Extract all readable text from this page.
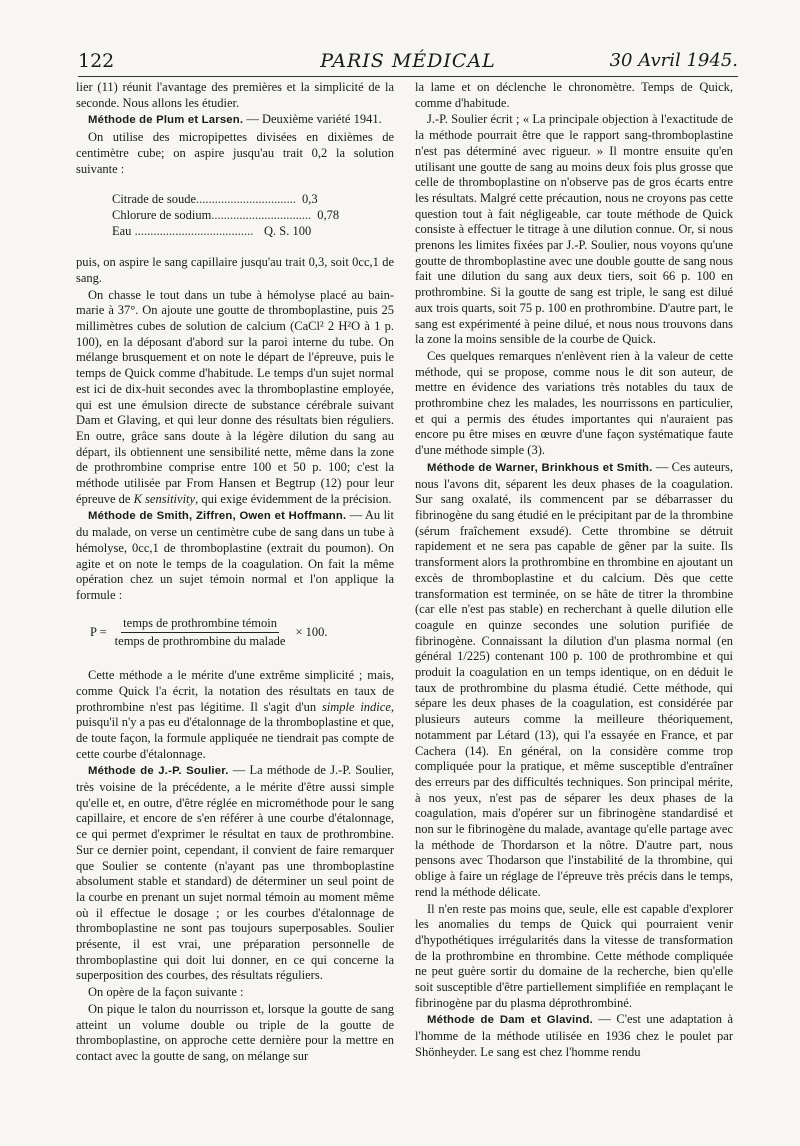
122	PARIS MÉDICAL	30 Avril 1945.

lier (11) réunit l'avantage des premières et la simplicité de la seconde. Nous allons les étudier.

Méthode de Plum et Larsen. — Deuxième variété 1941.

On utilise des micropipettes divisées en dixièmes de centimètre cube; on aspire jusqu'au trait 0,2 la solution suivante :

Citrade de soude................................ 0,3
Chlorure de sodium................................ 0,78
Eau ...................................... Q. S. 100

puis, on aspire le sang capillaire jusqu'au trait 0,3, soit 0cc,1 de sang.

On chasse le tout dans un tube à hémolyse placé au bain-marie à 37°. On ajoute une goutte de thromboplastine, puis 25 millimètres cubes de solution de calcium (CaCl² 2 H²O à 1 p. 100), en la déposant d'abord sur la paroi interne du tube. On mélange brusquement et on note le départ de l'épreuve, puis le temps de Quick comme d'habitude. Le temps d'un sujet normal est ici de dix-huit secondes avec la thromboplastine employée, qui est une émulsion directe de substance cérébrale suivant Dam et Glaving, et qui leur donne des résultats bien réguliers. En outre, grâce sans doute à la légère dilution du sang au départ, ils obtiennent une sensibilité nette, même dans la zone de prothrombine comprise entre 100 et 50 p. 100; c'est la méthode utilisée par From Hansen et Begtrup (12) pour leur épreuve de K sensitivity, qui exige évidemment de la précision.

Méthode de Smith, Ziffren, Owen et Hoffmann. — Au lit du malade, on verse un centimètre cube de sang dans un tube à hémolyse, 0cc,1 de thromboplastine (extrait du poumon). On agite et on note le temps de la coagulation. On fait la même opération chez un sujet témoin normal et l'on applique la formule :

$P = \frac{\text{temps de prothrombine témoin}}{\text{temps de prothrombine du malade}} \times 100$.

Cette méthode a le mérite d'une extrême simplicité ; mais, comme Quick l'a écrit, la notation des résultats en taux de prothrombine n'est pas légitime. Il s'agit d'un simple indice, puisqu'il n'y a pas eu d'étalonnage de la thromboplastine et que, de toute façon, la formule appliquée ne tiendrait pas compte de cette courbe d'étalonnage.

Méthode de J.-P. Soulier. — La méthode de J.-P. Soulier, très voisine de la précédente, a le mérite d'être aussi simple qu'elle et, en outre, d'être réglée en microméthode pour le sang capillaire, et encore de s'en référer à une courbe d'étalonnage, ce qui permet d'exprimer le résultat en taux de prothrombine. Sur ce dernier point, cependant, il convient de faire remarquer que Soulier se contente (n'ayant pas une thromboplastine absolument stable et standard) de déterminer un seul point de la courbe en prenant un sujet normal témoin au moment même où il effectue le dosage ; or les courbes d'étalonnage de thromboplastine ne sont pas toujours superposables. Soulier présente, il est vrai, une préparation personnelle de thromboplastine qui doit lui donner, en ce qui concerne la superposition des courbes, des résultats réguliers.

On opère de la façon suivante :

On pique le talon du nourrisson et, lorsque la goutte de sang atteint un volume double ou triple de la goutte de thromboplastine, on approche cette dernière pour la mettre en contact avec la goutte de sang, on mélange sur

la lame et on déclenche le chronomètre. Temps de Quick, comme d'habitude.

J.-P. Soulier écrit ; « La principale objection à l'exactitude de la méthode pourrait être que le rapport sang-thromboplastine n'est pas déterminé avec rigueur. » Il montre ensuite qu'en utilisant une goutte de sang au moins deux fois plus grosse que celle de thromboplastine on n'observe pas de gros écarts entre les résultats. Malgré cette précaution, nous ne croyons pas cette question tout à fait négligeable, car toute méthode de Quick consiste à effectuer le titrage à une dilution connue. Or, si nous prenons les limites fixées par J.-P. Soulier, nous voyons qu'une goutte de thromboplastine avec une double goutte de sang nous fait une dilution du sang aux deux tiers, soit 66 p. 100 en prothrombine. Si la goutte de sang est triple, le sang est dilué aux trois quarts, soit 75 p. 100 en prothrombine. D'autre part, le sang est expérimenté à peine dilué, et nous nous trouvons dans la zone la moins sensible de la courbe de Quick.

Ces quelques remarques n'enlèvent rien à la valeur de cette méthode, qui se propose, comme nous le dit son auteur, de mettre en évidence des variations très notables du taux de prothrombine chez les malades, les nourrissons en particulier, et qui a permis des études importantes qui n'auraient pas encore pu être mises en œuvre d'une façon systématique faute d'une méthode simple (3).

Méthode de Warner, Brinkhous et Smith. — Ces auteurs, nous l'avons dit, séparent les deux phases de la coagulation. Sur sang oxalaté, ils commencent par se débarrasser du fibrinogène du sang étudié en le précipitant par de la thrombine (sérum fraîchement exsudé). Cette thrombine se détruit rapidement et ne sera pas capable de gêner par la suite. Ils transforment alors la prothrombine en thrombine en ajoutant un excès de thromboplastine et du calcium. Dès que cette transformation est terminée, on se hâte de titrer la thrombine (car elle n'est pas stable) en recherchant à quelle dilution elle coagule en quinze secondes une solution purifiée de fibrinogène. Connaissant la dilution d'un plasma normal (en général 1/225) contenant 100 p. 100 de prothrombine et qui produit la coagulation en un temps identique, on en déduit le taux de prothrombine du plasma étudié. Cette méthode, qui sépare les deux phases de la coagulation, est considérée par plusieurs auteurs comme la meilleure théoriquement, notamment par Létard (13), qui l'a essayée en France, et par Cachera (14). En général, on la considère comme trop compliquée pour la pratique, et même susceptible d'entraîner des erreurs par des difficultés techniques. Son principal mérite, à nos yeux, n'est pas de séparer les deux phases de la coagulation, mais d'opérer sur un fibrinogène standardisé et non sur le fibrinogène du malade, avantage qu'elle partage avec la méthode de Thordarson et la nôtre. D'autre part, nous pensons avec Thodarson que l'instabilité de la thrombine, qui oblige à faire un réglage de l'épreuve très précis dans le temps, rend la méthode délicate.

Il n'en reste pas moins que, seule, elle est capable d'explorer les anomalies du temps de Quick qui pourraient venir d'hypothétiques irrégularités dans la vitesse de transformation de la prothrombine en thrombine. Cette méthode compliquée ne peut guère sortir du domaine de la recherche, bien qu'elle soit susceptible d'être partiellement simplifiée en remplaçant le fibrinogène par du plasma déprothrombiné.

Méthode de Dam et Glavind. — C'est une adaptation à l'homme de la méthode utilisée en 1936 chez le poulet par Shönheyder. Le sang est chez l'homme rendu
